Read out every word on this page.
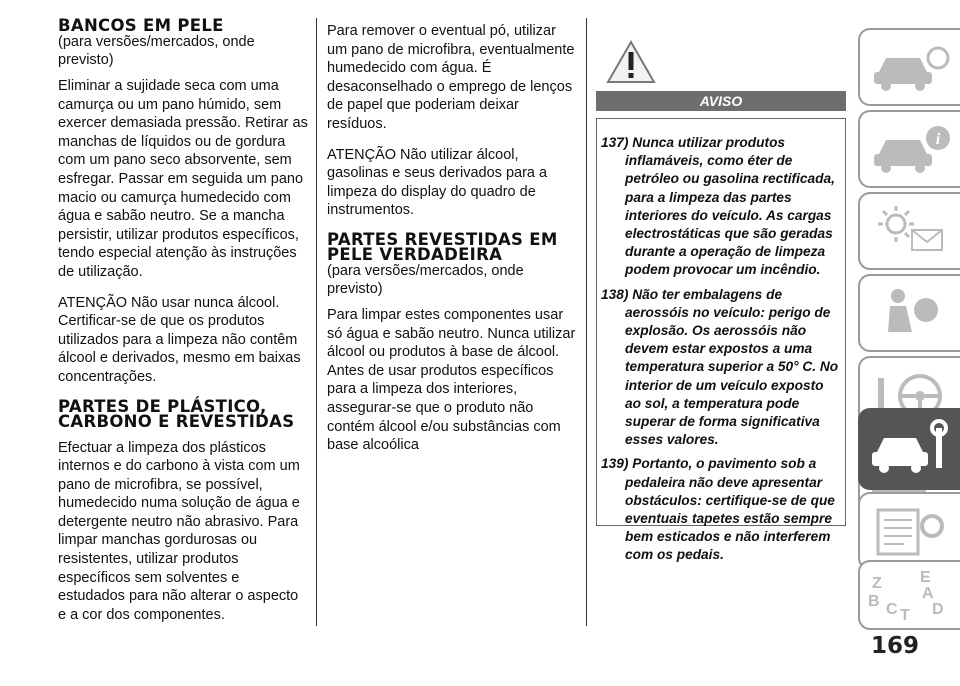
BANCOS EM PELE

(para versões/mercados, onde previsto)

Eliminar a sujidade seca com uma camurça ou um pano húmido, sem exercer demasiada pressão. Retirar as manchas de líquidos ou de gordura com um pano seco absorvente, sem esfregar. Passar em seguida um pano macio ou camurça humedecido com água e sabão neutro. Se a mancha persistir, utilizar produtos específicos, tendo especial atenção às instruções de utilização.

ATENÇÃO Não usar nunca álcool. Certificar-se de que os produtos utilizados para a limpeza não contêm álcool e derivados, mesmo em baixas concentrações.

PARTES DE PLÁSTICO, CARBONO E REVESTIDAS

Efectuar a limpeza dos plásticos internos e do carbono à vista com um pano de microfibra, se possível, humedecido numa solução de água e detergente neutro não abrasivo. Para limpar manchas gordurosas ou resistentes, utilizar produtos específicos sem solventes e estudados para não alterar o aspecto e a cor dos componentes.

Para remover o eventual pó, utilizar um pano de microfibra, eventualmente humedecido com água. É desaconselhado o emprego de lenços de papel que poderiam deixar resíduos.

ATENÇÃO Não utilizar álcool, gasolinas e seus derivados para a limpeza do display do quadro de instrumentos.

PARTES REVESTIDAS EM PELE VERDADEIRA

(para versões/mercados, onde previsto)

Para limpar estes componentes usar só água e sabão neutro. Nunca utilizar álcool ou produtos à base de álcool. Antes de usar produtos específicos para a limpeza dos interiores, assegurar-se que o produto não contém álcool e/ou substâncias com base alcoólica

AVISO

137) Nunca utilizar produtos inflamáveis, como éter de petróleo ou gasolina rectificada, para a limpeza das partes interiores do veículo. As cargas electrostáticas que são geradas durante a operação de limpeza podem provocar um incêndio.

138) Não ter embalagens de aerossóis no veículo: perigo de explosão. Os aerossóis não devem estar expostos a uma temperatura superior a 50° C. No interior de um veículo exposto ao sol, a temperatura pode superar de forma significativa esses valores.

139) Portanto, o pavimento sob a pedaleira não deve apresentar obstáculos: certifique-se de que eventuais tapetes estão sempre bem esticados e não interferem com os pedais.

i
Z E
A
B C T D
169
